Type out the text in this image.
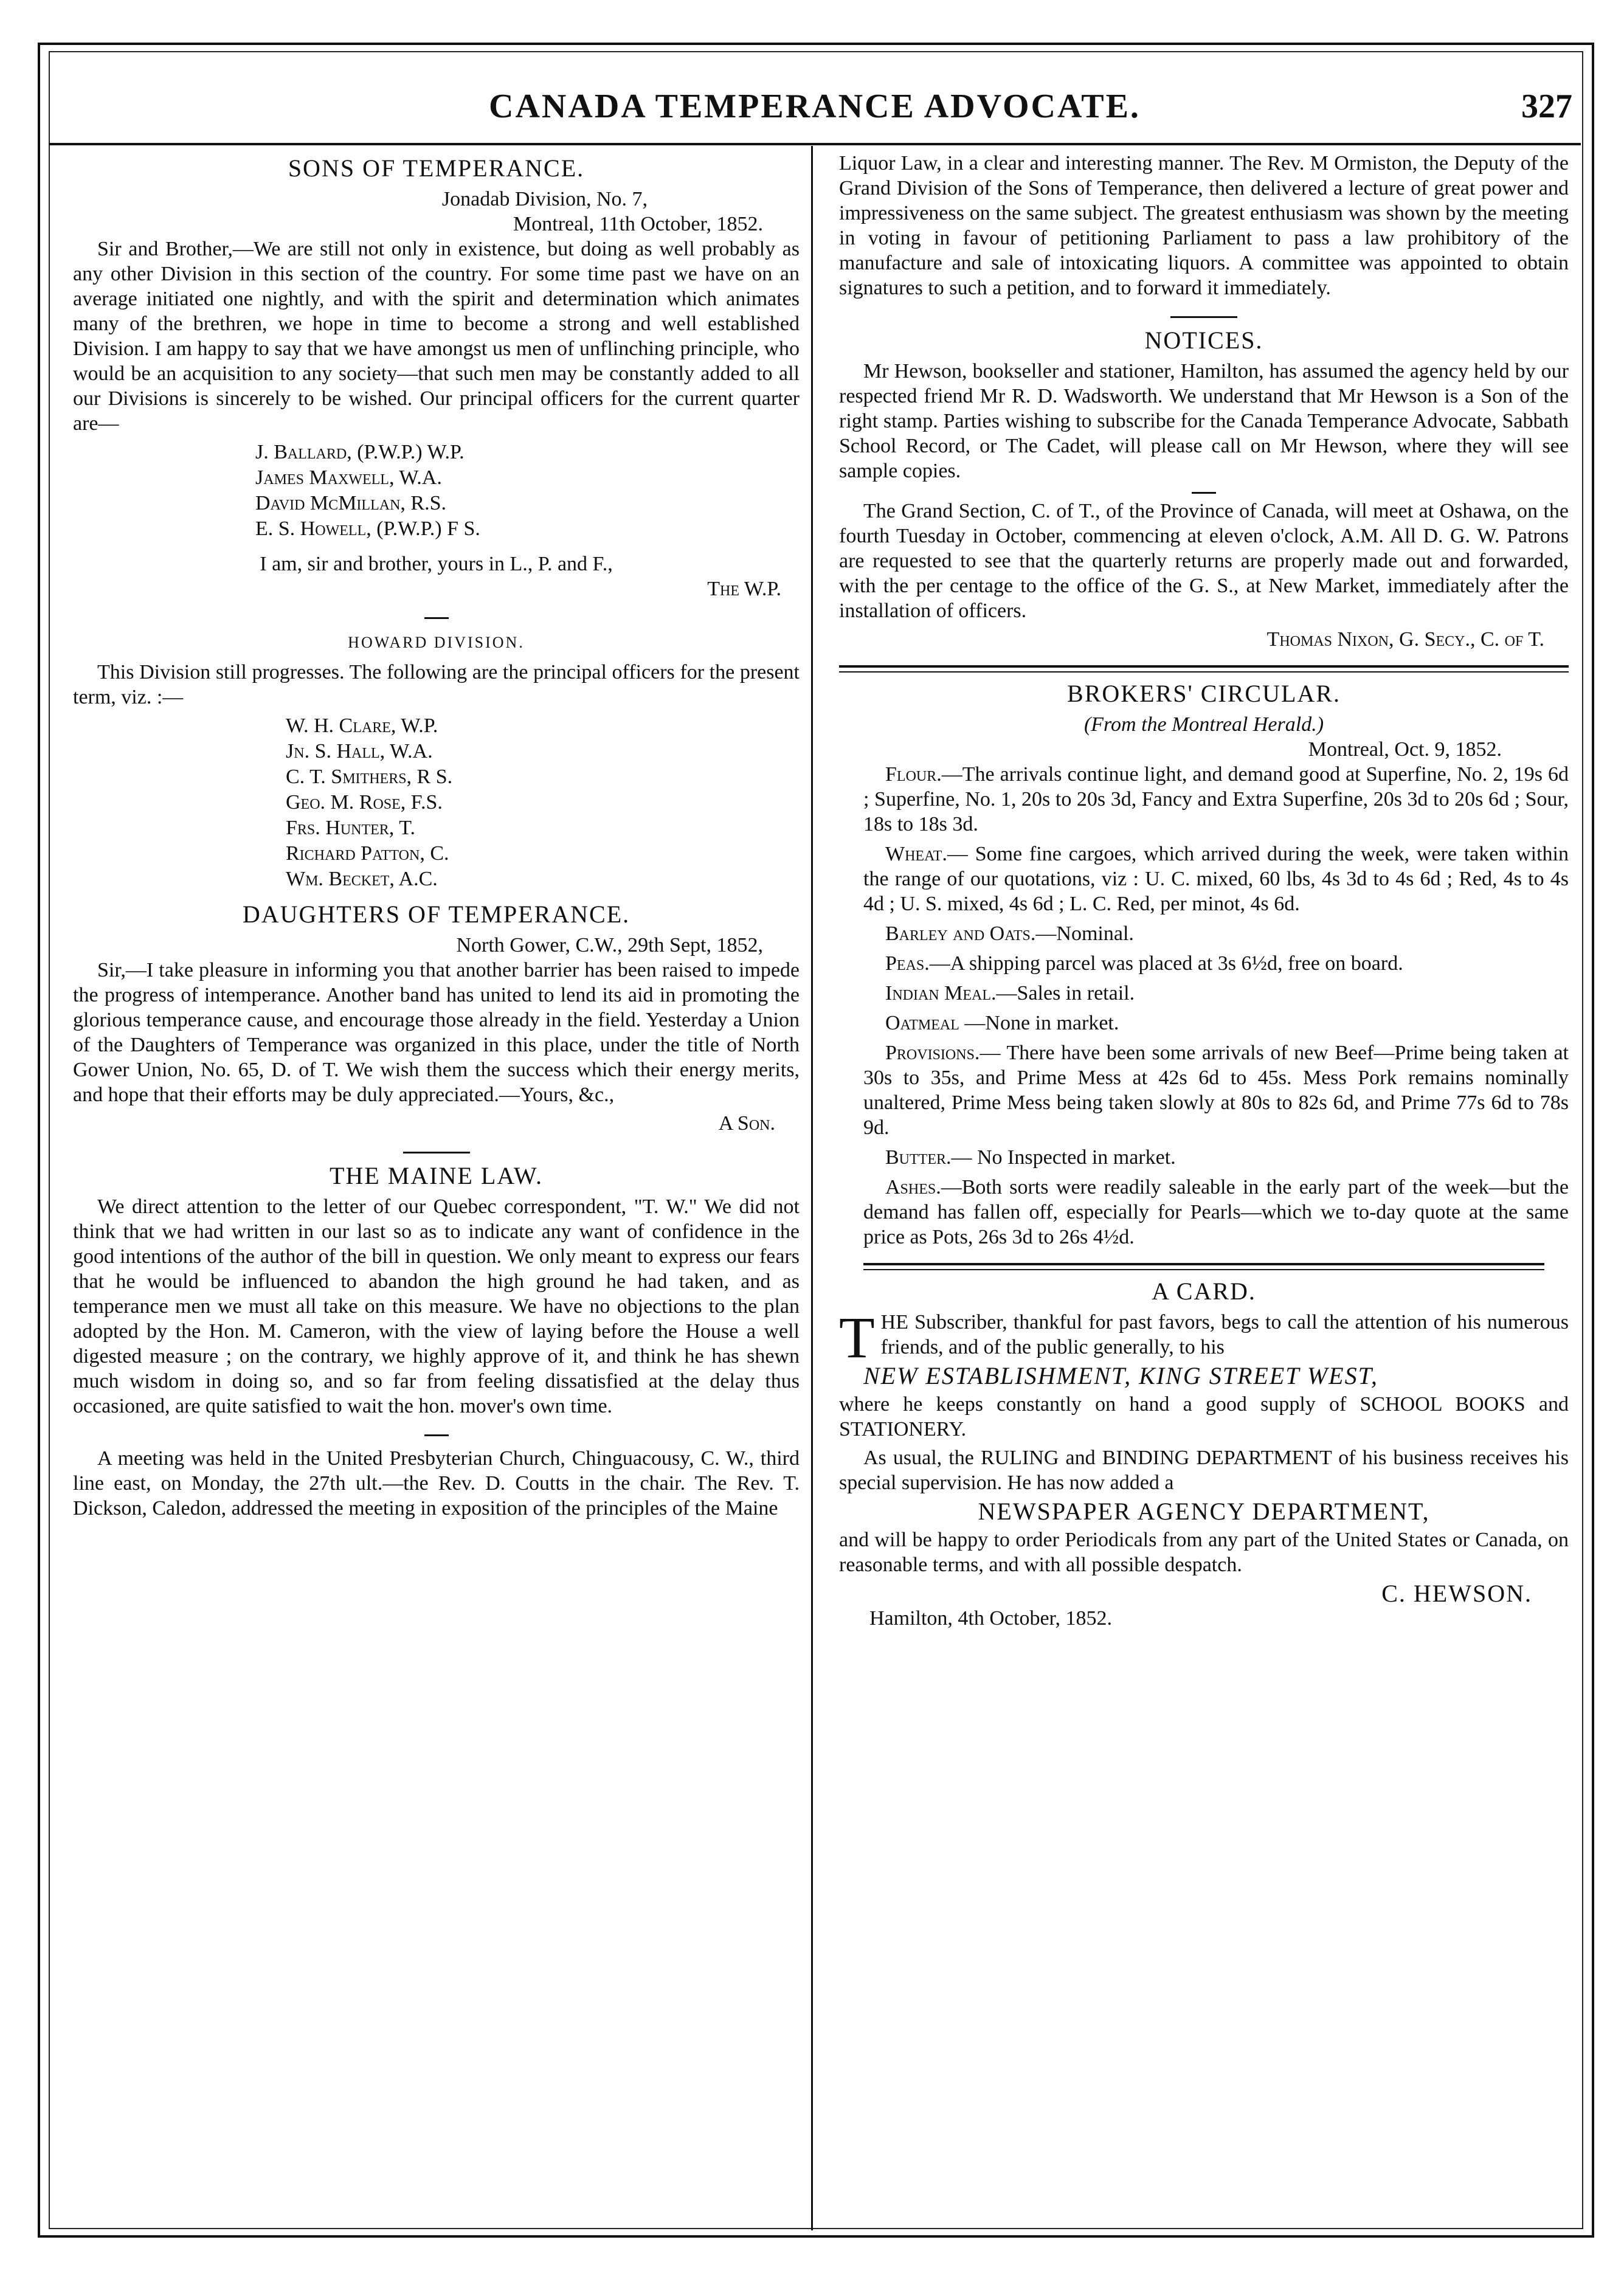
CANADA TEMPERANCE ADVOCATE.	327
SONS OF TEMPERANCE.
Jonadab Division, No. 7,
Montreal, 11th October, 1852.

Sir and Brother,—We are still not only in existence, but doing as well probably as any other Division in this section of the country. For some time past we have on an average initiated one nightly, and with the spirit and determination which animates many of the brethren, we hope in time to become a strong and well established Division. I am happy to say that we have amongst us men of unflinching principle, who would be an acquisition to any society—that such men may be constantly added to all our Divisions is sincerely to be wished. Our principal officers for the current quarter are—

J. Ballard, (P.W.P.) W.P.
James Maxwell, W.A.
David McMillan, R.S.
E. S. Howell, (P.W.P.) F S.
I am, sir and brother, yours in L., P. and F.,
The W.P.
HOWARD DIVISION.

This Division still progresses. The following are the principal officers for the present term, viz. :—

W. H. Clare, W.P.
Jn. S. Hall, W.A.
C. T. Smithers, R S.
Geo. M. Rose, F.S.
Frs. Hunter, T.
Richard Patton, C.
Wm. Becket, A.C.
DAUGHTERS OF TEMPERANCE.
North Gower, C.W., 29th Sept, 1852,

Sir,—I take pleasure in informing you that another barrier has been raised to impede the progress of intemperance. Another band has united to lend its aid in promoting the glorious temperance cause, and encourage those already in the field. Yesterday a Union of the Daughters of Temperance was organized in this place, under the title of North Gower Union, No. 65, D. of T. We wish them the success which their energy merits, and hope that their efforts may be duly appreciated.—Yours, &c.,

A Son.
THE MAINE LAW.

We direct attention to the letter of our Quebec correspondent, "T. W." We did not think that we had written in our last so as to indicate any want of confidence in the good intentions of the author of the bill in question. We only meant to express our fears that he would be influenced to abandon the high ground he had taken, and as temperance men we must all take on this measure. We have no objections to the plan adopted by the Hon. M. Cameron, with the view of laying before the House a well digested measure ; on the contrary, we highly approve of it, and think he has shewn much wisdom in doing so, and so far from feeling dissatisfied at the delay thus occasioned, are quite satisfied to wait the hon. mover's own time.

A meeting was held in the United Presbyterian Church, Chinguacousy, C. W., third line east, on Monday, the 27th ult.—the Rev. D. Coutts in the chair. The Rev. T. Dickson, Caledon, addressed the meeting in exposition of the principles of the Maine

Liquor Law, in a clear and interesting manner. The Rev. M Ormiston, the Deputy of the Grand Division of the Sons of Temperance, then delivered a lecture of great power and impressiveness on the same subject. The greatest enthusiasm was shown by the meeting in voting in favour of petitioning Parliament to pass a law prohibitory of the manufacture and sale of intoxicating liquors. A committee was appointed to obtain signatures to such a petition, and to forward it immediately.

NOTICES.

Mr Hewson, bookseller and stationer, Hamilton, has assumed the agency held by our respected friend Mr R. D. Wadsworth. We understand that Mr Hewson is a Son of the right stamp. Parties wishing to subscribe for the Canada Temperance Advocate, Sabbath School Record, or The Cadet, will please call on Mr Hewson, where they will see sample copies.

The Grand Section, C. of T., of the Province of Canada, will meet at Oshawa, on the fourth Tuesday in October, commencing at eleven o'clock, A.M. All D. G. W. Patrons are requested to see that the quarterly returns are properly made out and forwarded, with the per centage to the office of the G. S., at New Market, immediately after the installation of officers.

Thomas Nixon, G. Secy., C. of T.
BROKERS' CIRCULAR.
(From the Montreal Herald.)
Montreal, Oct. 9, 1852.

Flour.—The arrivals continue light, and demand good at Superfine, No. 2, 19s 6d ; Superfine, No. 1, 20s to 20s 3d, Fancy and Extra Superfine, 20s 3d to 20s 6d ; Sour, 18s to 18s 3d.

Wheat.— Some fine cargoes, which arrived during the week, were taken within the range of our quotations, viz : U. C. mixed, 60 lbs, 4s 3d to 4s 6d ; Red, 4s to 4s 4d ; U. S. mixed, 4s 6d ; L. C. Red, per minot, 4s 6d.

Barley and Oats.—Nominal.

Peas.—A shipping parcel was placed at 3s 6½d, free on board.

Indian Meal.—Sales in retail.

Oatmeal —None in market.

Provisions.— There have been some arrivals of new Beef—Prime being taken at 30s to 35s, and Prime Mess at 42s 6d to 45s. Mess Pork remains nominally unaltered, Prime Mess being taken slowly at 80s to 82s 6d, and Prime 77s 6d to 78s 9d.

Butter.— No Inspected in market.

Ashes.—Both sorts were readily saleable in the early part of the week—but the demand has fallen off, especially for Pearls—which we to-day quote at the same price as Pots, 26s 3d to 26s 4½d.

A CARD.

THE Subscriber, thankful for past favors, begs to call the attention of his numerous friends, and of the public generally, to his

NEW ESTABLISHMENT, KING STREET WEST,

where he keeps constantly on hand a good supply of SCHOOL BOOKS and STATIONERY.

As usual, the RULING and BINDING DEPARTMENT of his business receives his special supervision. He has now added a

NEWSPAPER AGENCY DEPARTMENT,

and will be happy to order Periodicals from any part of the United States or Canada, on reasonable terms, and with all possible despatch.

C. HEWSON.
Hamilton, 4th October, 1852.
